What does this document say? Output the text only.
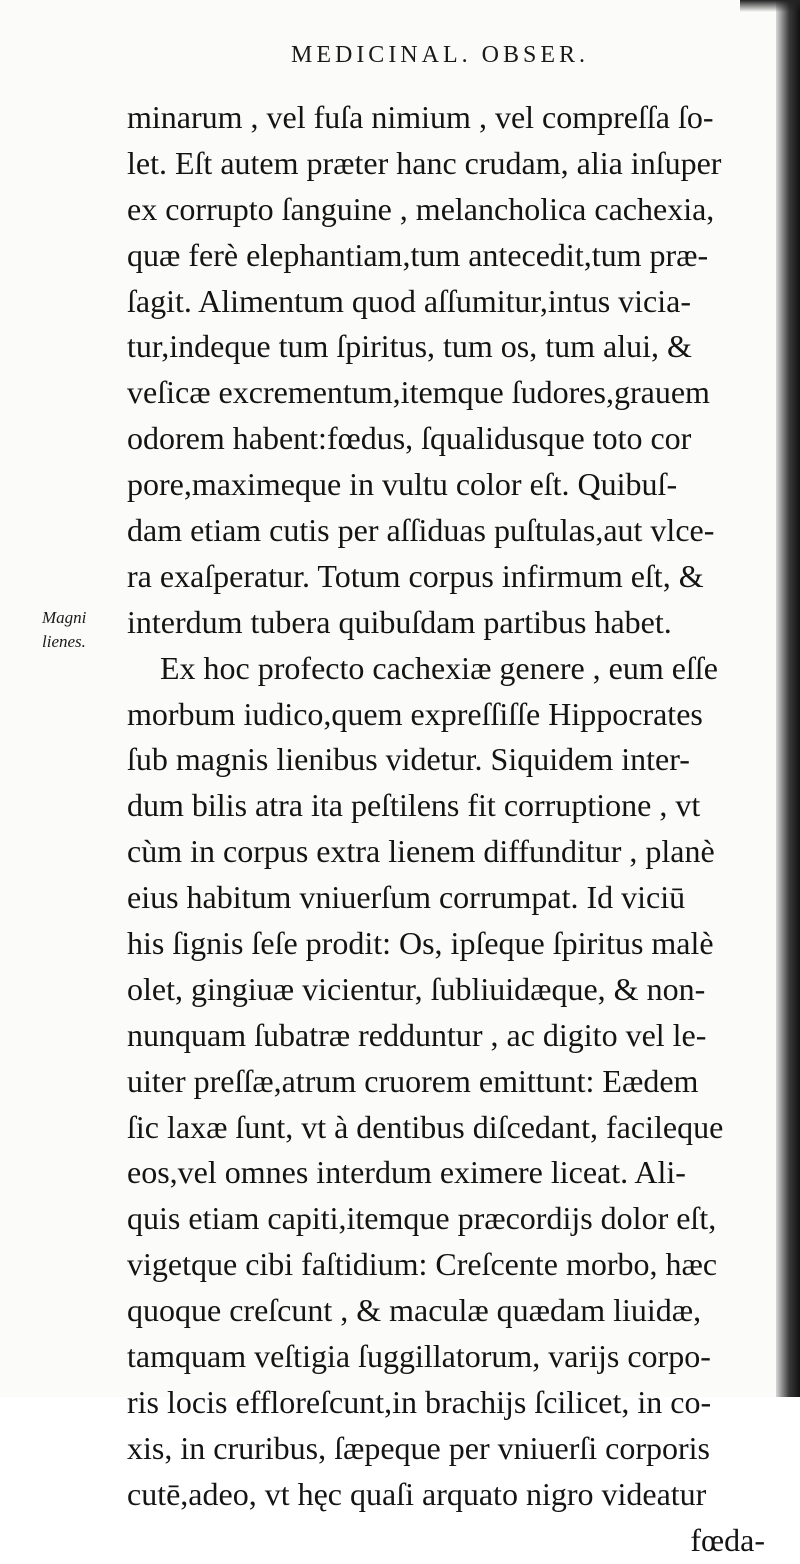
MEDICINAL. OBSER.
Magni
lienes.
minarum , vel fuſa nimium , vel compreſſa ſo-
let. Eſt autem præter hanc crudam, alia inſuper
ex corrupto ſanguine , melancholica cachexia,
quæ ferè elephantiam,tum antecedit,tum præ-
ſagit. Alimentum quod aſſumitur,intus vicia-
tur,indeque tum ſpiritus, tum os, tum alui, &
veſicæ excrementum,itemque ſudores,grauem
odorem habent:fœdus, ſqualidusque toto cor
pore,maximeque in vultu color eſt. Quibuſ-
dam etiam cutis per aſſiduas puſtulas,aut vlce-
ra exaſperatur. Totum corpus infirmum eſt, &
interdum tubera quibuſdam partibus habet.
Ex hoc profecto cachexiæ genere , eum eſſe
morbum iudico,quem expreſſiſſe Hippocrates
ſub magnis lienibus videtur. Siquidem inter-
dum bilis atra ita peſtilens fit corruptione , vt
cùm in corpus extra lienem diffunditur , planè
eius habitum vniuerſum corrumpat. Id viciū
his ſignis ſeſe prodit: Os, ipſeque ſpiritus malè
olet, gingiuæ vicientur, ſubliuidæque, & non-
nunquam ſubatræ redduntur , ac digito vel le-
uiter preſſæ,atrum cruorem emittunt: Eædem
ſic laxæ ſunt, vt à dentibus diſcedant, facileque
eos,vel omnes interdum eximere liceat. Ali-
quis etiam capiti,itemque præcordijs dolor eſt,
vigetque cibi faſtidium: Creſcente morbo, hæc
quoque creſcunt , & maculæ quædam liuidæ,
tamquam veſtigia ſuggillatorum, varijs corpo-
ris locis effloreſcunt,in brachijs ſcilicet, in co-
xis, in cruribus, ſæpeque per vniuerſi corporis
cutē,adeo, vt hęc quaſi arquato nigro videatur
fœda-
